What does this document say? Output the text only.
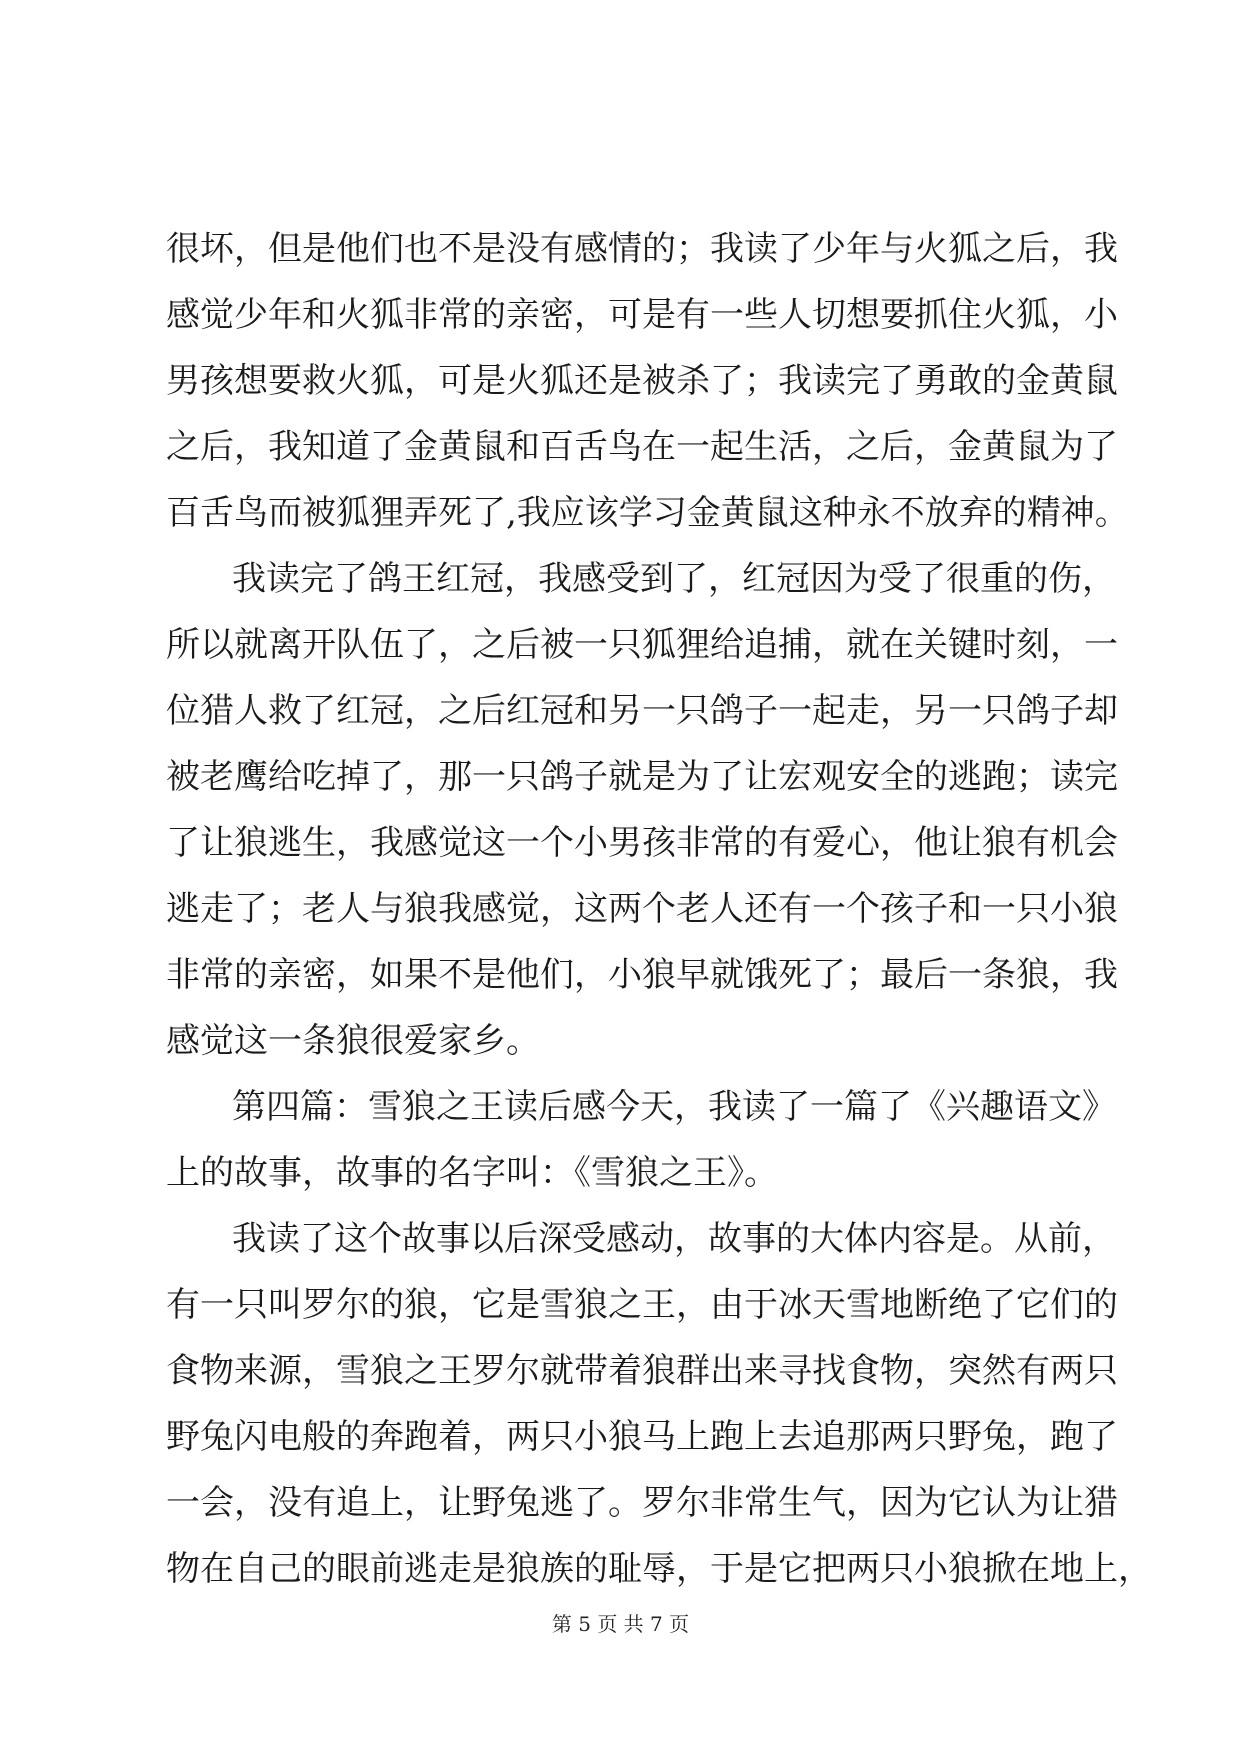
很坏，但是他们也不是没有感情的；我读了少年与火狐之后，我
感觉少年和火狐非常的亲密，可是有一些人切想要抓住火狐，小
男孩想要救火狐，可是火狐还是被杀了；我读完了勇敢的金黄鼠
之后，我知道了金黄鼠和百舌鸟在一起生活，之后，金黄鼠为了
百舌鸟而被狐狸弄死了,我应该学习金黄鼠这种永不放弃的精神。
我读完了鸽王红冠，我感受到了，红冠因为受了很重的伤，
所以就离开队伍了，之后被一只狐狸给追捕，就在关键时刻，一
位猎人救了红冠，之后红冠和另一只鸽子一起走，另一只鸽子却
被老鹰给吃掉了，那一只鸽子就是为了让宏观安全的逃跑；读完
了让狼逃生，我感觉这一个小男孩非常的有爱心，他让狼有机会
逃走了；老人与狼我感觉，这两个老人还有一个孩子和一只小狼
非常的亲密，如果不是他们，小狼早就饿死了；最后一条狼，我
感觉这一条狼很爱家乡。
第四篇：雪狼之王读后感今天，我读了一篇了《兴趣语文》
上的故事，故事的名字叫：《雪狼之王》。
我读了这个故事以后深受感动，故事的大体内容是。从前，
有一只叫罗尔的狼，它是雪狼之王，由于冰天雪地断绝了它们的
食物来源，雪狼之王罗尔就带着狼群出来寻找食物，突然有两只
野兔闪电般的奔跑着，两只小狼马上跑上去追那两只野兔，跑了
一会，没有追上，让野兔逃了。罗尔非常生气，因为它认为让猎
物在自己的眼前逃走是狼族的耻辱，于是它把两只小狼掀在地上，
第 5 页 共 7 页
